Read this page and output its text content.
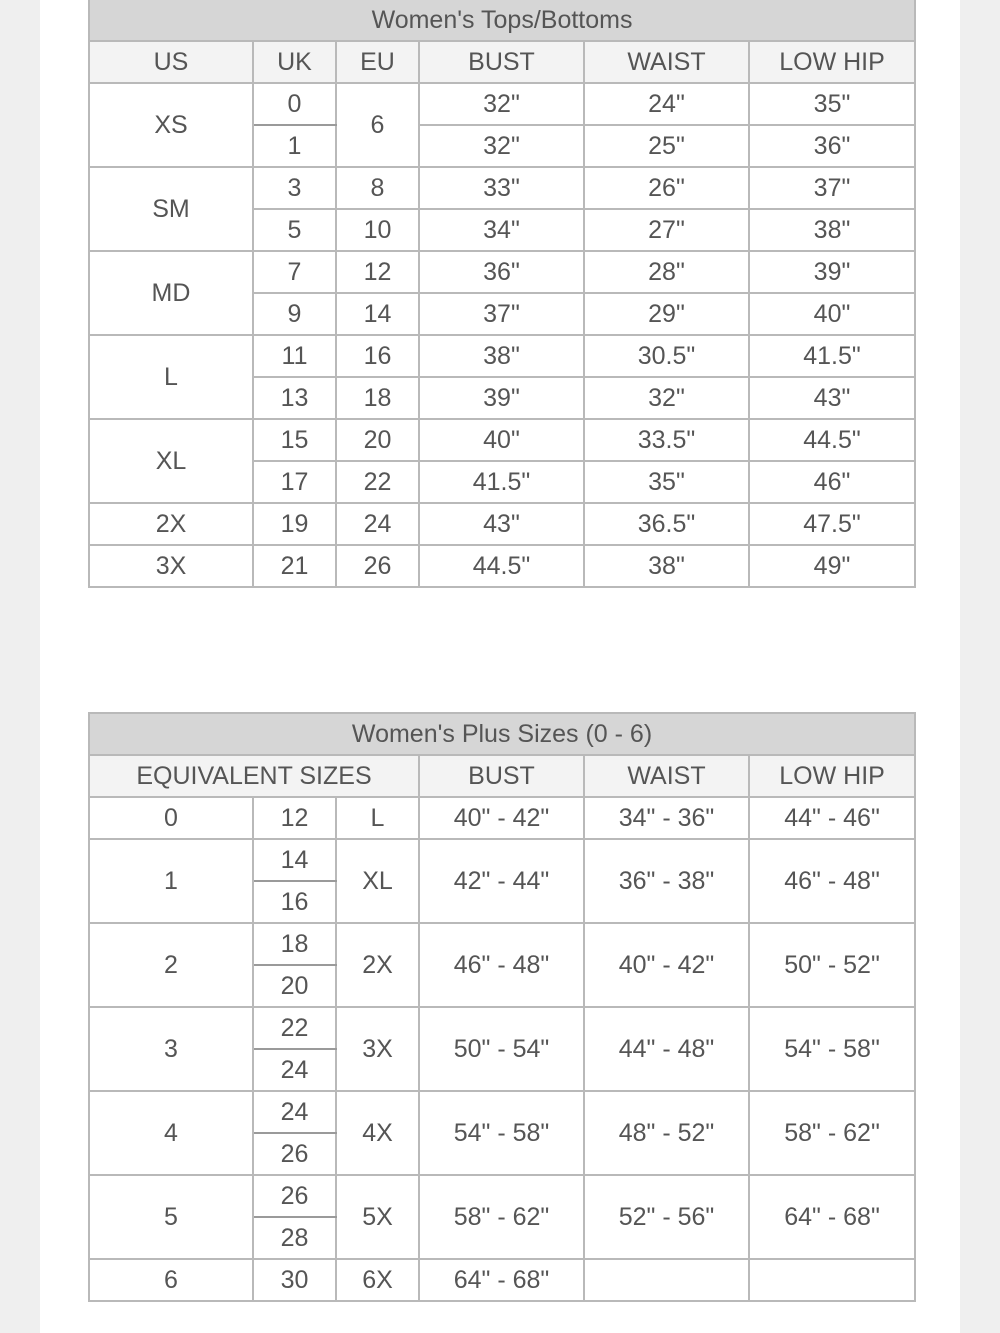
Women's Tops/Bottoms					
US	UK	EU	BUST	WAIST	LOW HIP
XS	0	6	32"	24"	35"
	1		32"	25"	36"
SM	3	8	33"	26"	37"
	5	10	34"	27"	38"
MD	7	12	36"	28"	39"
	9	14	37"	29"	40"
L	11	16	38"	30.5"	41.5"
	13	18	39"	32"	43"
XL	15	20	40"	33.5"	44.5"
	17	22	41.5"	35"	46"
2X	19	24	43"	36.5"	47.5"
3X	21	26	44.5"	38"	49"
Women's Plus Sizes (0 - 6)					
EQUIVALENT SIZES			BUST	WAIST	LOW HIP
0	12	L	40" - 42"	34" - 36"	44" - 46"
1	14	XL	42" - 44"	36" - 38"	46" - 48"
	16				
2	18	2X	46" - 48"	40" - 42"	50" - 52"
	20				
3	22	3X	50" - 54"	44" - 48"	54" - 58"
	24				
4	24	4X	54" - 58"	48" - 52"	58" - 62"
	26				
5	26	5X	58" - 62"	52" - 56"	64" - 68"
	28				
6	30	6X	64" - 68"		
